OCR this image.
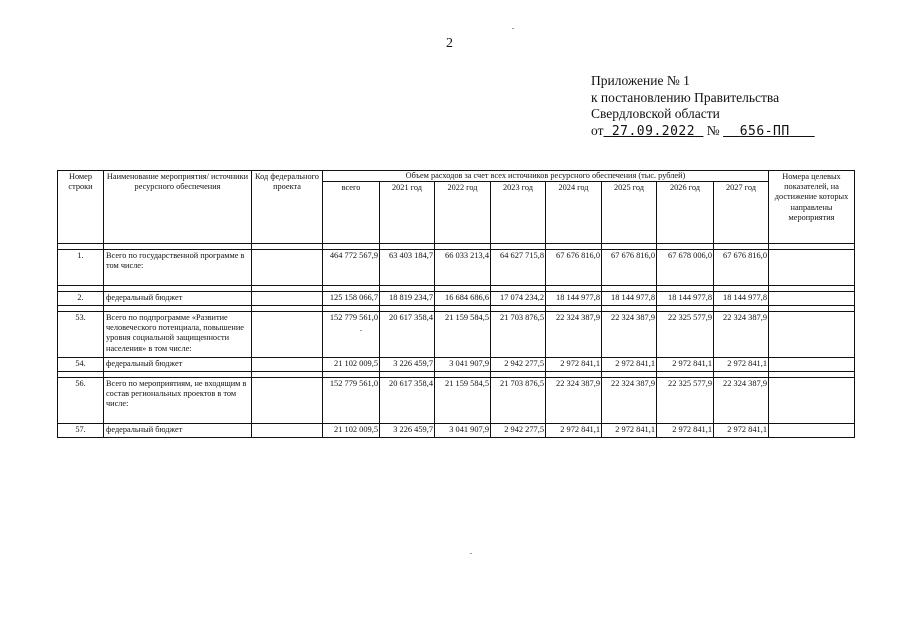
2
Приложение № 1
к постановлению Правительства
Свердловской области
от 27.09.2022 № 656-ПП
Номер строки	Наименование мероприятия/ источники ресурсного обеспечения	Код федерального проекта	Объем расходов за счет всех источников ресурсного обеспечения (тыс. рублей)								Номера целевых показателей, на достижение которых направлены мероприятия
			всего	2021 год	2022 год	2023 год	2024 год	2025 год	2026 год	2027 год	

1.	Всего по государственной программе в том числе:		464 772 567,9	63 403 184,7	66 033 213,4	64 627 715,8	67 676 816,0	67 676 816,0	67 678 006,0	67 676 816,0	

2.	федеральный бюджет		125 158 066,7	18 819 234,7	16 684 686,6	17 074 234,2	18 144 977,8	18 144 977,8	18 144 977,8	18 144 977,8	

53.	Всего по подпрограмме «Развитие человеческого потенциала, повышение уровня социальной защищенности населения» в том числе:		152 779 561,0	20 617 358,4	21 159 584,5	21 703 876,5	22 324 387,9	22 324 387,9	22 325 577,9	22 324 387,9	
54.	федеральный бюджет		21 102 009,5	3 226 459,7	3 041 907,9	2 942 277,5	2 972 841,1	2 972 841,1	2 972 841,1	2 972 841,1	

56.	Всего по мероприятиям, не входящим в состав региональных проектов в том числе:		152 779 561,0	20 617 358,4	21 159 584,5	21 703 876,5	22 324 387,9	22 324 387,9	22 325 577,9	22 324 387,9	
57.	федеральный бюджет		21 102 009,5	3 226 459,7	3 041 907,9	2 942 277,5	2 972 841,1	2 972 841,1	2 972 841,1	2 972 841,1	
